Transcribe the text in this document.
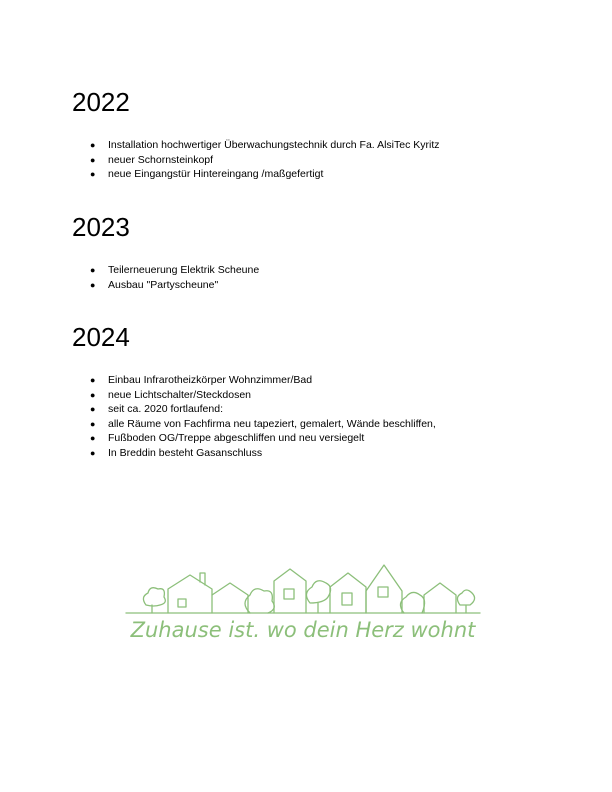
2022
● Installation hochwertiger Überwachungstechnik durch Fa. AlsiTec Kyritz
● neuer Schornsteinkopf
● neue Eingangstür Hintereingang /maßgefertigt
2023
● Teilerneuerung Elektrik Scheune
● Ausbau "Partyscheune"
2024
● Einbau Infrarotheizkörper Wohnzimmer/Bad
● neue Lichtschalter/Steckdosen
● seit ca. 2020 fortlaufend:
● alle Räume von Fachfirma neu tapeziert, gemalert, Wände beschliffen,
● Fußboden OG/Treppe abgeschliffen und neu versiegelt
● In Breddin besteht Gasanschluss
Zuhause ist. wo dein Herz wohnt
